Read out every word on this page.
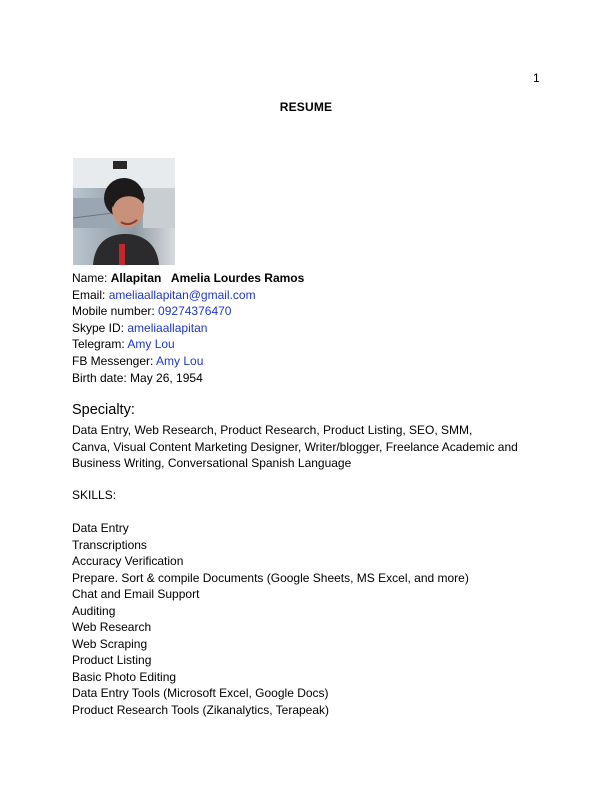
1
RESUME
Name: Allapitan   Amelia Lourdes Ramos
Email: ameliaallapitan@gmail.com
Mobile number: 09274376470
Skype ID: ameliaallapitan
Telegram: Amy Lou
FB Messenger: Amy Lou
Birth date: May 26, 1954
Specialty:
Data Entry, Web Research, Product Research, Product Listing, SEO, SMM,
Canva, Visual Content Marketing Designer, Writer/blogger, Freelance Academic and
Business Writing, Conversational Spanish Language
SKILLS:
Data Entry
Transcriptions
Accuracy Verification
Prepare. Sort & compile Documents (Google Sheets, MS Excel, and more)
Chat and Email Support
Auditing
Web Research
Web Scraping
Product Listing
Basic Photo Editing
Data Entry Tools (Microsoft Excel, Google Docs)
Product Research Tools (Zikanalytics, Terapeak)
